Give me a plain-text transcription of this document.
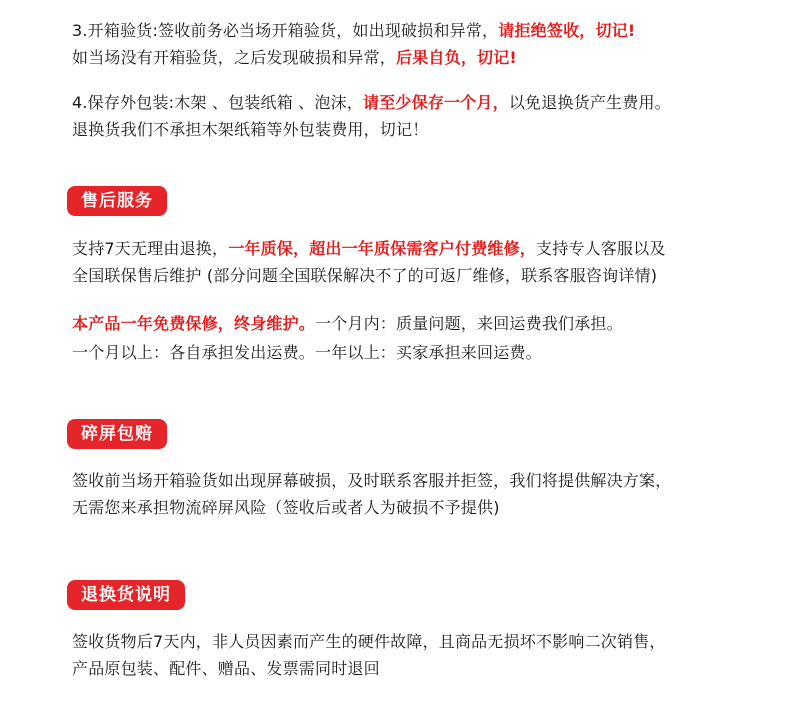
3.开箱验货:签收前务必当场开箱验货，如出现破损和异常，请拒绝签收，切记!
如当场没有开箱验货，之后发现破损和异常，后果自负，切记!
4.保存外包装:木架 、包装纸箱 、泡沫，请至少保存一个月，以免退换货产生费用。
退换货我们不承担木架纸箱等外包装费用，切记！
售后服务
支持7天无理由退换，一年质保，超出一年质保需客户付费维修，支持专人客服以及
全国联保售后维护 (部分问题全国联保解决不了的可返厂维修，联系客服咨询详情)
本产品一年免费保修，终身维护。一个月内：质量问题，来回运费我们承担。
一个月以上：各自承担发出运费。一年以上：买家承担来回运费。
碎屏包赔
签收前当场开箱验货如出现屏幕破损，及时联系客服并拒签，我们将提供解决方案，
无需您来承担物流碎屏风险（签收后或者人为破损不予提供)
退换货说明
签收货物后7天内，非人员因素而产生的硬件故障，且商品无损坏不影响二次销售，
产品原包装、配件、赠品、发票需同时退回
